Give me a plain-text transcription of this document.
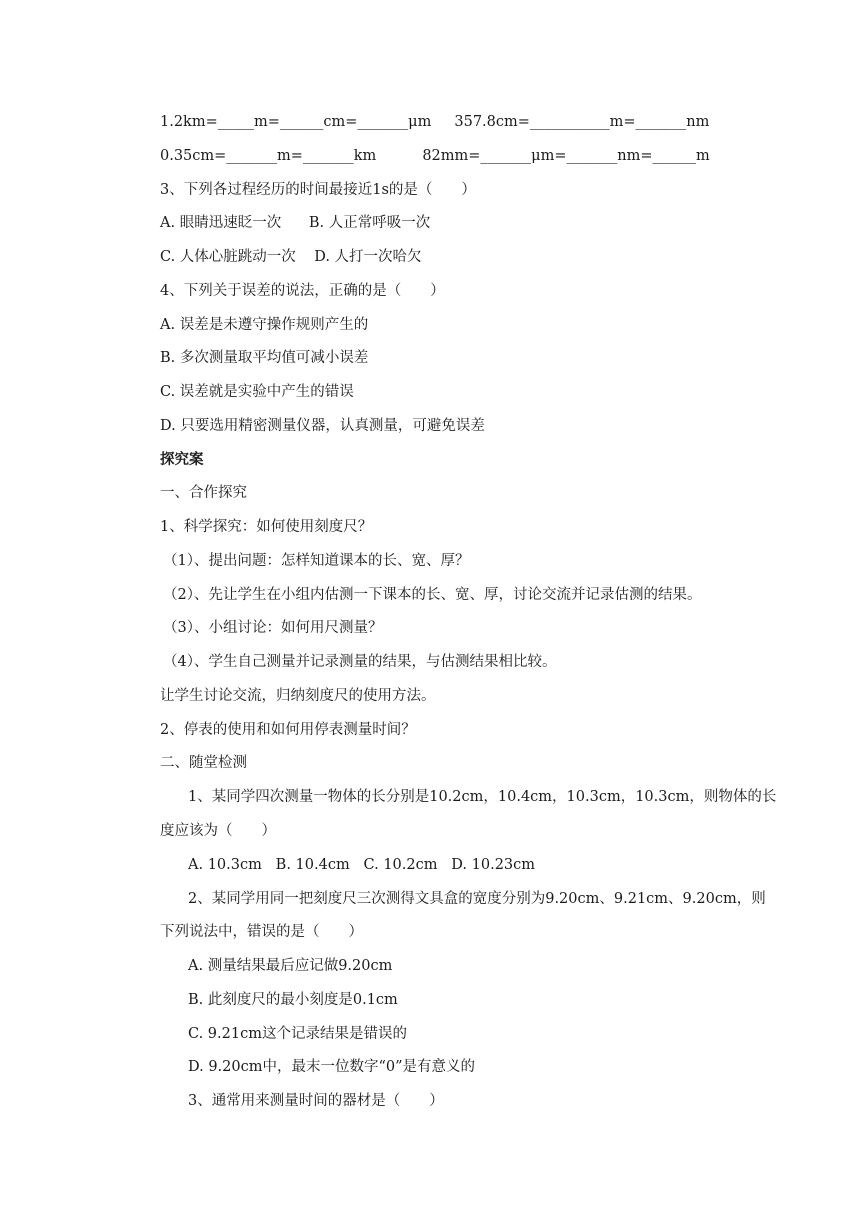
1.2km=_____m=______cm=_______μm     357.8cm=___________m=_______nm
0.35cm=_______m=_______km          82mm=_______μm=_______nm=______m
3、下列各过程经历的时间最接近1s的是（　　）
A. 眼睛迅速眨一次      B. 人正常呼吸一次
C. 人体心脏跳动一次    D. 人打一次哈欠
4、下列关于误差的说法，正确的是（　　）
A. 误差是未遵守操作规则产生的
B. 多次测量取平均值可减小误差
C. 误差就是实验中产生的错误
D. 只要选用精密测量仪器，认真测量，可避免误差
探究案
一、合作探究
1、科学探究：如何使用刻度尺？
（1）、提出问题：怎样知道课本的长、宽、厚？
（2）、先让学生在小组内估测一下课本的长、宽、厚，讨论交流并记录估测的结果。
（3）、小组讨论：如何用尺测量？
（4）、学生自己测量并记录测量的结果，与估测结果相比较。
让学生讨论交流，归纳刻度尺的使用方法。
2、停表的使用和如何用停表测量时间？
二、随堂检测
1、某同学四次测量一物体的长分别是10.2cm，10.4cm，10.3cm，10.3cm，则物体的长
度应该为（　　）
A. 10.3cm   B. 10.4cm   C. 10.2cm   D. 10.23cm
2、某同学用同一把刻度尺三次测得文具盒的宽度分别为9.20cm、9.21cm、9.20cm，则
下列说法中，错误的是（　　）
A. 测量结果最后应记做9.20cm
B. 此刻度尺的最小刻度是0.1cm
C. 9.21cm这个记录结果是错误的
D. 9.20cm中，最末一位数字“0”是有意义的
3、通常用来测量时间的器材是（　　）
